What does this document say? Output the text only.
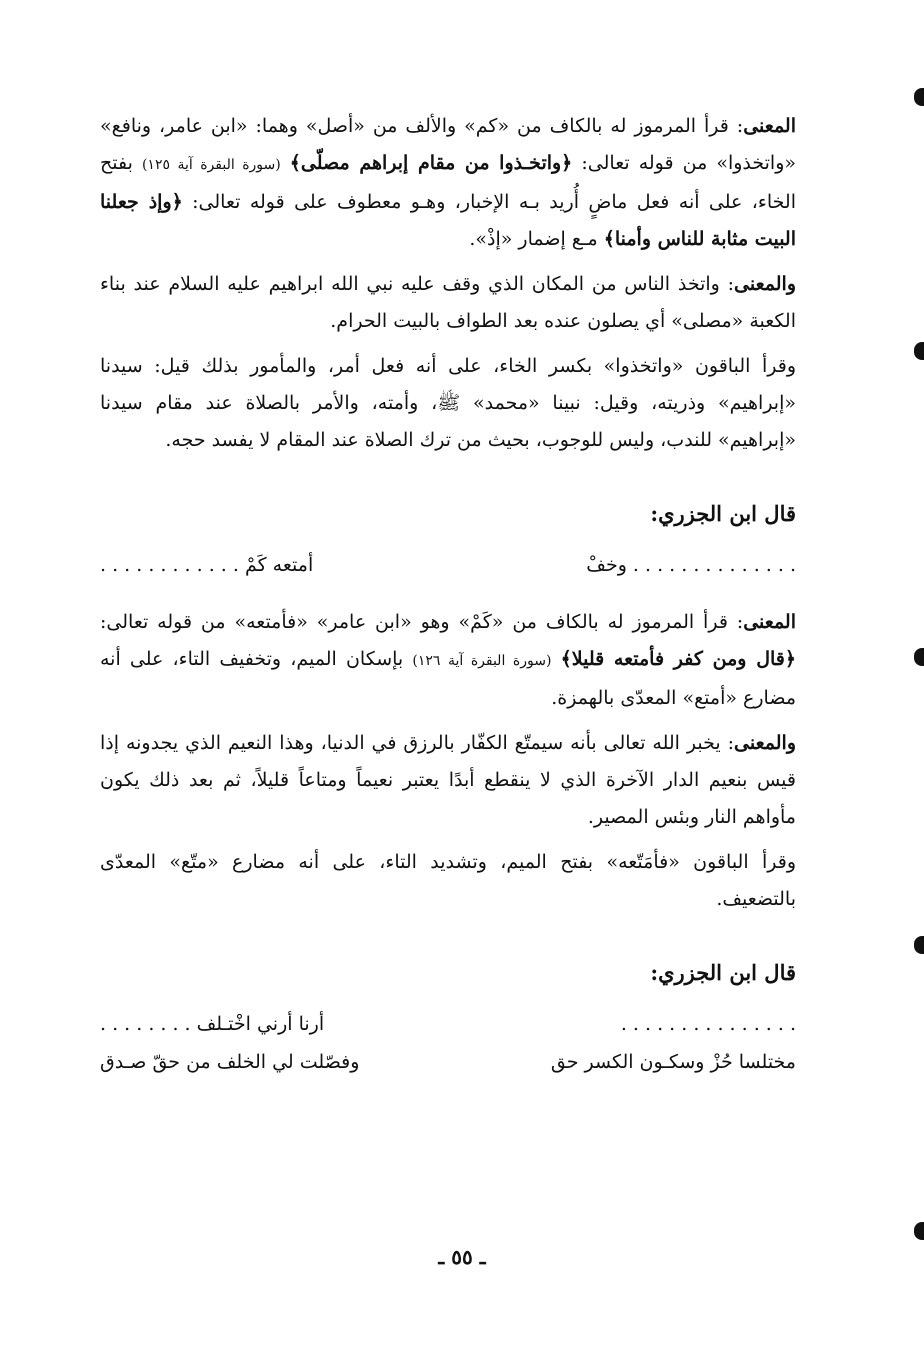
المعنى: قرأ المرموز له بالكاف من «كم» والألف من «أصل» وهما: «ابن عامر، ونافع» «واتخذوا» من قوله تعالى: ﴿واتخـذوا من مقام إبراهم مصلّى﴾ (سورة البقرة آية ١٢٥) بفتح الخاء، على أنه فعل ماضٍ أُريد بـه الإخبار، وهـو معطوف على قوله تعالى: ﴿وإذ جعلنا البيت مثابة للناس وأمنا﴾ مـع إضمار «إذْ».

والمعنى: واتخذ الناس من المكان الذي وقف عليه نبي الله ابراهيم عليه السلام عند بناء الكعبة «مصلى» أي يصلون عنده بعد الطواف بالبيت الحرام.

وقرأ الباقون «واتخذوا» بكسر الخاء، على أنه فعل أمر، والمأمور بذلك قيل: سيدنا «إبراهيم» وذريته، وقيل: نبينا «محمد» ﷺ، وأمته، والأمر بالصلاة عند مقام سيدنا «إبراهيم» للندب، وليس للوجوب، بحيث من ترك الصلاة عند المقام لا يفسد حجه.

قال ابن الجزري:
. . . . . . . . . . . . . . وخفْ
أمتعه كَمْ . . . . . . . . . . . .

المعنى: قرأ المرموز له بالكاف من «كَمْ» وهو «ابن عامر» «فأمتعه» من قوله تعالى: ﴿قال ومن كفر فأمتعه قليلا﴾ (سورة البقرة آية ١٢٦) بإسكان الميم، وتخفيف التاء، على أنه مضارع «أمتع» المعدّى بالهمزة.

والمعنى: يخبر الله تعالى بأنه سيمتّع الكفّار بالرزق في الدنيا، وهذا النعيم الذي يجدونه إذا قيس بنعيم الدار الآخرة الذي لا ينقطع أبدًا يعتبر نعيماً ومتاعاً قليلاً، ثم بعد ذلك يكون مأواهم النار وبئس المصير.

وقرأ الباقون «فأمَتّعه» بفتح الميم، وتشديد التاء، على أنه مضارع «متّع» المعدّى بالتضعيف.

قال ابن الجزري:
. . . . . . . . . . . . . . .
أرنا أرني اخْتـلف . . . . . . . .
مختلسا حُزْ وسكـون الكسر حق
وفصّلت لي الخلف من حقّ صـدق
ـ ٥٥ ـ
